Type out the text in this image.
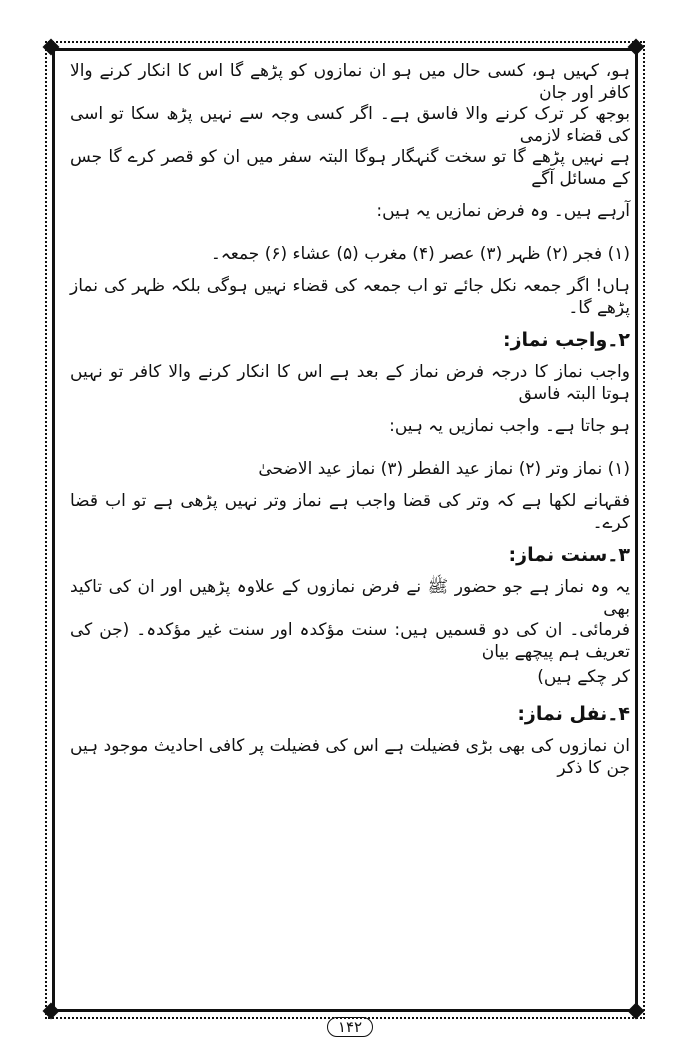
ہو، کہیں ہو، کسی حال میں ہو ان نمازوں کو پڑھے گا اس کا انکار کرنے والا کافر اور جان

بوجھ کر ترک کرنے والا فاسق ہے۔ اگر کسی وجہ سے نہیں پڑھ سکا تو اسی کی قضاء لازمی

ہے نہیں پڑھے گا تو سخت گنہگار ہوگا البتہ سفر میں ان کو قصر کرے گا جس کے مسائل آگے

آرہے ہیں۔ وہ فرض نمازیں یہ ہیں:

(۱) فجر (۲) ظہر (۳) عصر (۴) مغرب (۵) عشاء (۶) جمعہ۔

ہاں! اگر جمعہ نکل جائے تو اب جمعہ کی قضاء نہیں ہوگی بلکہ ظہر کی نماز پڑھے گا۔

۲۔واجب نماز:

واجب نماز کا درجہ فرض نماز کے بعد ہے اس کا انکار کرنے والا کافر تو نہیں ہوتا البتہ فاسق

ہو جاتا ہے۔ واجب نمازیں یہ ہیں:

(۱) نماز وتر (۲) نماز عید الفطر (۳) نماز عید الاضحیٰ

فقہانے لکھا ہے کہ وتر کی قضا واجب ہے نماز وتر نہیں پڑھی ہے تو اب قضا کرے۔

۳۔سنت نماز:

یہ وہ نماز ہے جو حضور ﷺ نے فرض نمازوں کے علاوہ پڑھیں اور ان کی تاکید بھی

فرمائی۔ ان کی دو قسمیں ہیں: سنت مؤکدہ اور سنت غیر مؤکدہ۔ (جن کی تعریف ہم پیچھے بیان

کر چکے ہیں)

۴۔نفل نماز:

ان نمازوں کی بھی بڑی فضیلت ہے اس کی فضیلت پر کافی احادیث موجود ہیں جن کا ذکر

۱۴۲
